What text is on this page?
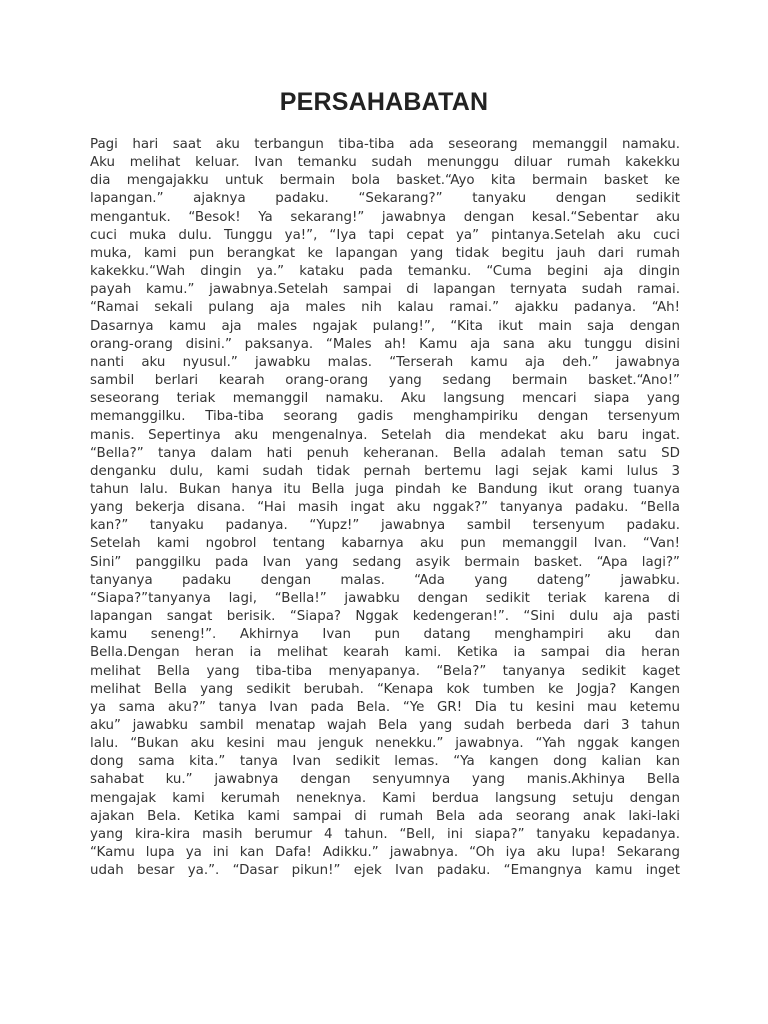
PERSAHABATAN
Pagi hari saat aku terbangun tiba-tiba ada seseorang memanggil namaku.
Aku melihat keluar. Ivan temanku sudah menunggu diluar rumah kakekku
dia mengajakku untuk bermain bola basket.“Ayo kita bermain basket ke
lapangan.” ajaknya padaku. “Sekarang?” tanyaku dengan sedikit
mengantuk. “Besok! Ya sekarang!” jawabnya dengan kesal.“Sebentar aku
cuci muka dulu. Tunggu ya!”, “Iya tapi cepat ya” pintanya.Setelah aku cuci
muka, kami pun berangkat ke lapangan yang tidak begitu jauh dari rumah
kakekku.“Wah dingin ya.” kataku pada temanku. “Cuma begini aja dingin
payah kamu.” jawabnya.Setelah sampai di lapangan ternyata sudah ramai.
“Ramai sekali pulang aja males nih kalau ramai.” ajakku padanya. “Ah!
Dasarnya kamu aja males ngajak pulang!”, “Kita ikut main saja dengan
orang-orang disini.” paksanya. “Males ah! Kamu aja sana aku tunggu disini
nanti aku nyusul.” jawabku malas. “Terserah kamu aja deh.” jawabnya
sambil berlari kearah orang-orang yang sedang bermain basket.“Ano!”
seseorang teriak memanggil namaku. Aku langsung mencari siapa yang
memanggilku. Tiba-tiba seorang gadis menghampiriku dengan tersenyum
manis. Sepertinya aku mengenalnya. Setelah dia mendekat aku baru ingat.
“Bella?” tanya dalam hati penuh keheranan. Bella adalah teman satu SD
denganku dulu, kami sudah tidak pernah bertemu lagi sejak kami lulus 3
tahun lalu. Bukan hanya itu Bella juga pindah ke Bandung ikut orang tuanya
yang bekerja disana. “Hai masih ingat aku nggak?” tanyanya padaku. “Bella
kan?” tanyaku padanya. “Yupz!” jawabnya sambil tersenyum padaku.
Setelah kami ngobrol tentang kabarnya aku pun memanggil Ivan. “Van!
Sini” panggilku pada Ivan yang sedang asyik bermain basket. “Apa lagi?”
tanyanya padaku dengan malas. “Ada yang dateng” jawabku.
“Siapa?”tanyanya lagi, “Bella!” jawabku dengan sedikit teriak karena di
lapangan sangat berisik. “Siapa? Nggak kedengeran!”. “Sini dulu aja pasti
kamu seneng!”. Akhirnya Ivan pun datang menghampiri aku dan
Bella.Dengan heran ia melihat kearah kami. Ketika ia sampai dia heran
melihat Bella yang tiba-tiba menyapanya. “Bela?” tanyanya sedikit kaget
melihat Bella yang sedikit berubah. “Kenapa kok tumben ke Jogja? Kangen
ya sama aku?” tanya Ivan pada Bela. “Ye GR! Dia tu kesini mau ketemu
aku” jawabku sambil menatap wajah Bela yang sudah berbeda dari 3 tahun
lalu. “Bukan aku kesini mau jenguk nenekku.” jawabnya. “Yah nggak kangen
dong sama kita.” tanya Ivan sedikit lemas. “Ya kangen dong kalian kan
sahabat ku.” jawabnya dengan senyumnya yang manis.Akhinya Bella
mengajak kami kerumah neneknya. Kami berdua langsung setuju dengan
ajakan Bela. Ketika kami sampai di rumah Bela ada seorang anak laki-laki
yang kira-kira masih berumur 4 tahun. “Bell, ini siapa?” tanyaku kepadanya.
“Kamu lupa ya ini kan Dafa! Adikku.” jawabnya. “Oh iya aku lupa! Sekarang
udah besar ya.”. “Dasar pikun!” ejek Ivan padaku. “Emangnya kamu inget
